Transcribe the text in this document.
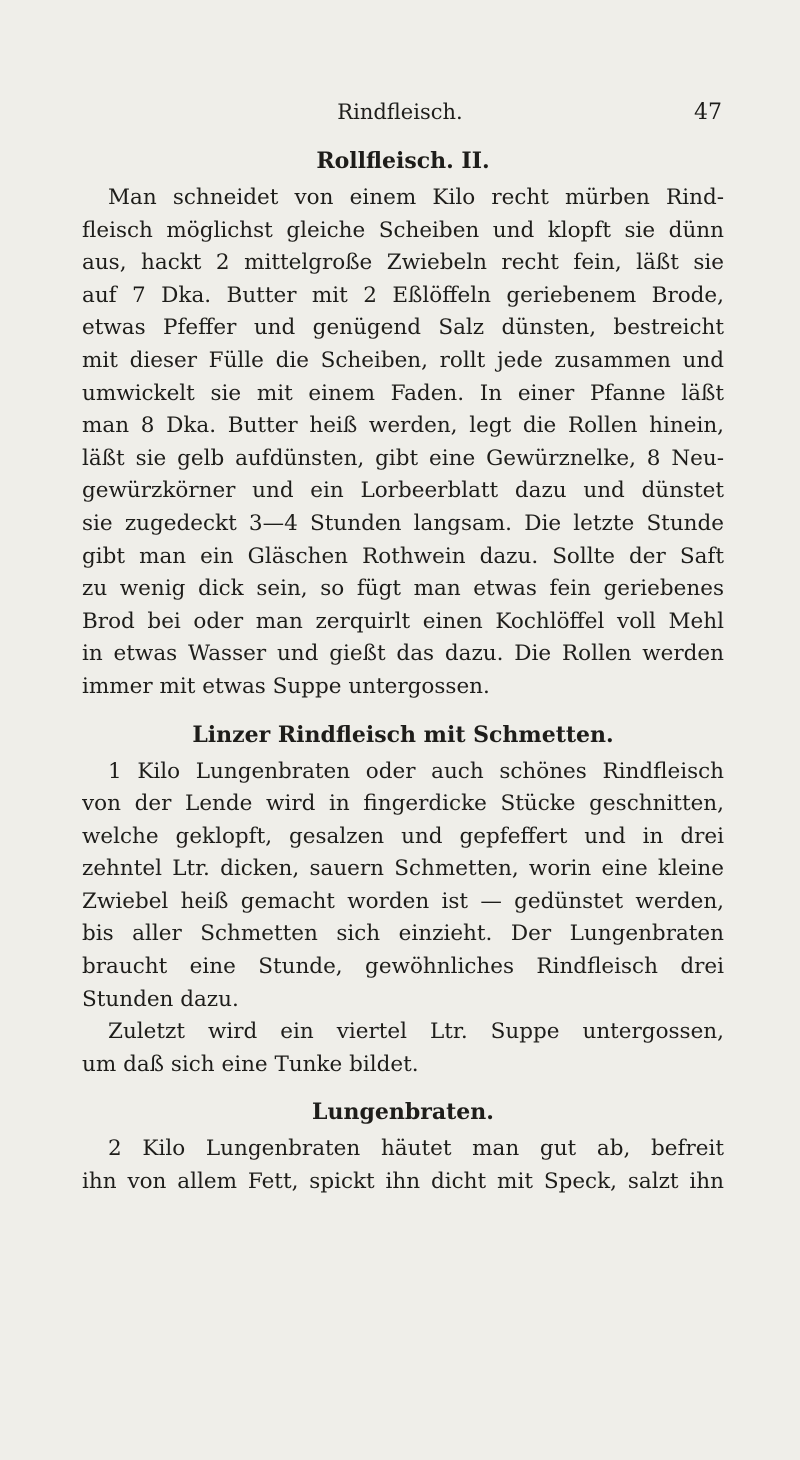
Rindfleisch.	47
Rollfleisch. II.
Man schneidet von einem Kilo recht mürben Rind-
fleisch möglichst gleiche Scheiben und klopft sie dünn
aus, hackt 2 mittelgroße Zwiebeln recht fein, läßt sie
auf 7 Dka. Butter mit 2 Eßlöffeln geriebenem Brode,
etwas Pfeffer und genügend Salz dünsten, bestreicht
mit dieser Fülle die Scheiben, rollt jede zusammen und
umwickelt sie mit einem Faden. In einer Pfanne läßt
man 8 Dka. Butter heiß werden, legt die Rollen hinein,
läßt sie gelb aufdünsten, gibt eine Gewürznelke, 8 Neu-
gewürzkörner und ein Lorbeerblatt dazu und dünstet
sie zugedeckt 3—4 Stunden langsam. Die letzte Stunde
gibt man ein Gläschen Rothwein dazu. Sollte der Saft
zu wenig dick sein, so fügt man etwas fein geriebenes
Brod bei oder man zerquirlt einen Kochlöffel voll Mehl
in etwas Wasser und gießt das dazu. Die Rollen werden
immer mit etwas Suppe untergossen.
Linzer Rindfleisch mit Schmetten.
1 Kilo Lungenbraten oder auch schönes Rindfleisch
von der Lende wird in fingerdicke Stücke geschnitten,
welche geklopft, gesalzen und gepfeffert und in drei
zehntel Ltr. dicken, sauern Schmetten, worin eine kleine
Zwiebel heiß gemacht worden ist — gedünstet werden,
bis aller Schmetten sich einzieht. Der Lungenbraten
braucht eine Stunde, gewöhnliches Rindfleisch drei
Stunden dazu.
Zuletzt wird ein viertel Ltr. Suppe untergossen,
um daß sich eine Tunke bildet.
Lungenbraten.
2 Kilo Lungenbraten häutet man gut ab, befreit
ihn von allem Fett, spickt ihn dicht mit Speck, salzt ihn
